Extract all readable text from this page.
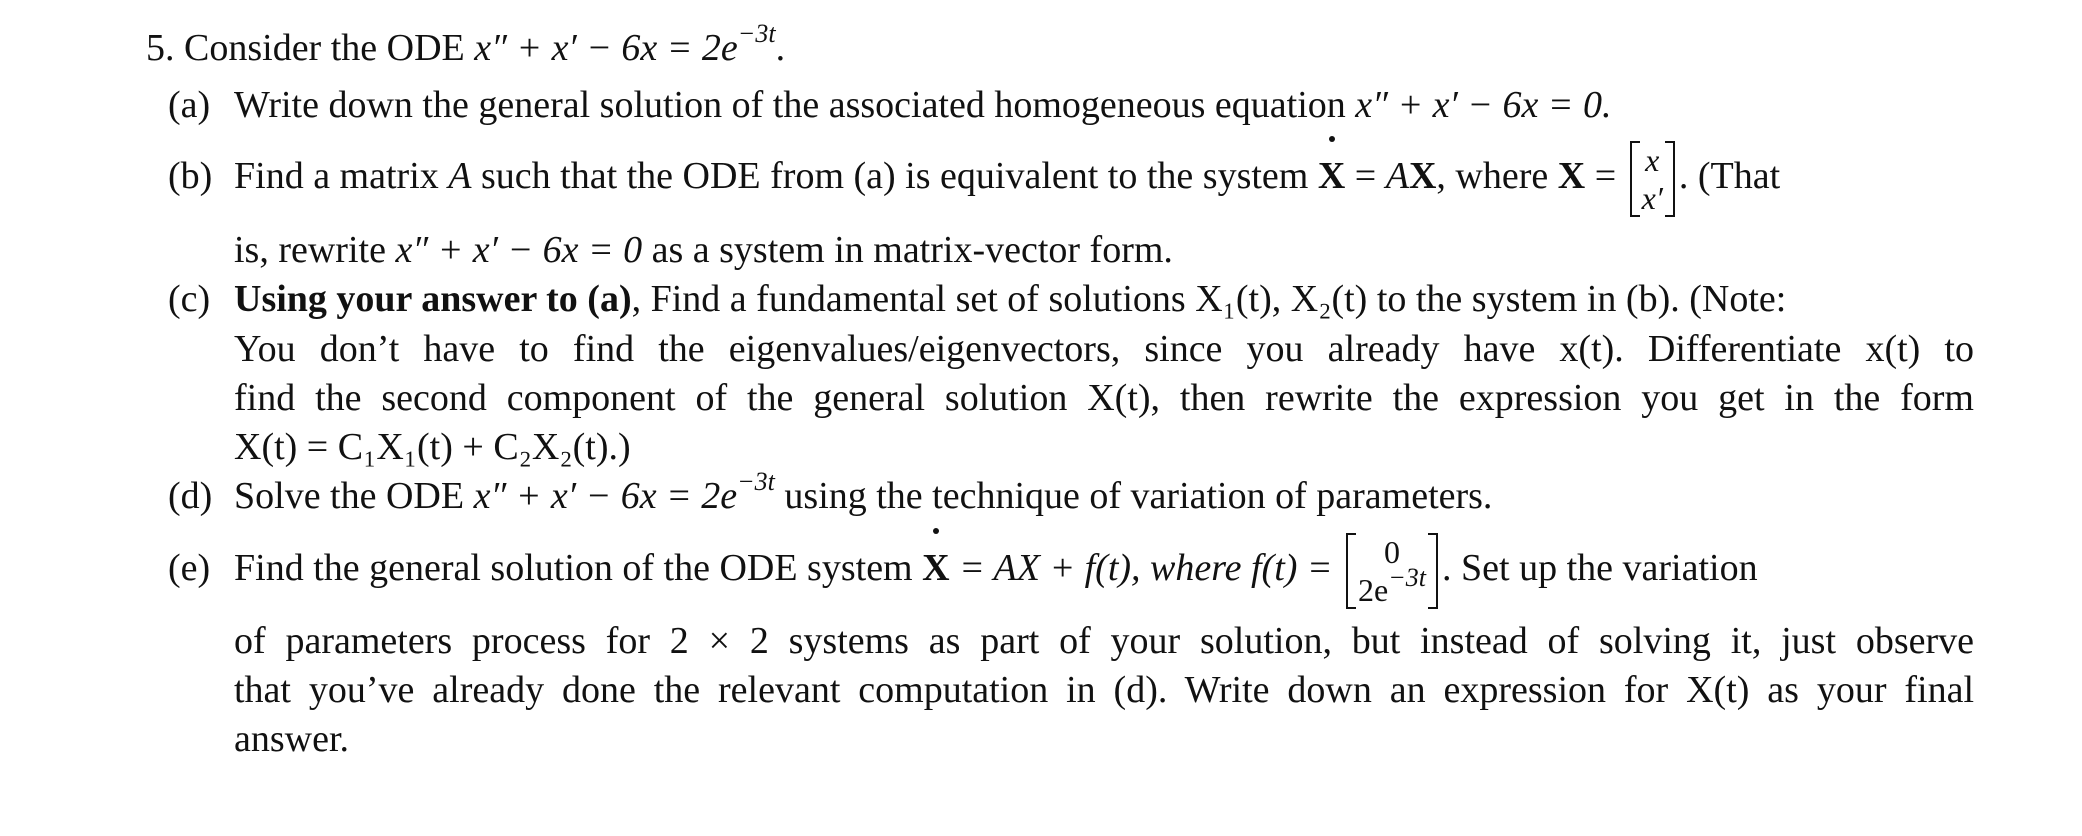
5. Consider the ODE $x'' + x' - 6x = 2e^{-3t}$.
(a) Write down the general solution of the associated homogeneous equation x″ + x′ − 6x = 0.
(b) Find a matrix A such that the ODE from (a) is equivalent to the system X = AX, where X = x
x′
. (That
is, rewrite x″ + x′ − 6x = 0 as a system in matrix-vector form.
(c) Using your answer to (a), Find a fundamental set of solutions X₁(t), X₂(t) to the system in (b). (Note:
You don’t have to find the eigenvalues/eigenvectors, since you already have x(t). Differentiate x(t) to
find the second component of the general solution X(t), then rewrite the expression you get in the form
X(t) = C₁X₁(t) + C₂X₂(t).)
(d) Solve the ODE $x'' + x' - 6x = 2e^{-3t}$ using the technique of variation of parameters.
(e) Find the general solution of the ODE system X = AX + f(t), where f(t) =	0
$2e^{-3t}$ . Set up the variation
of parameters process for 2 × 2 systems as part of your solution, but instead of solving it, just observe
that you’ve already done the relevant computation in (d). Write down an expression for X(t) as your final
answer.
